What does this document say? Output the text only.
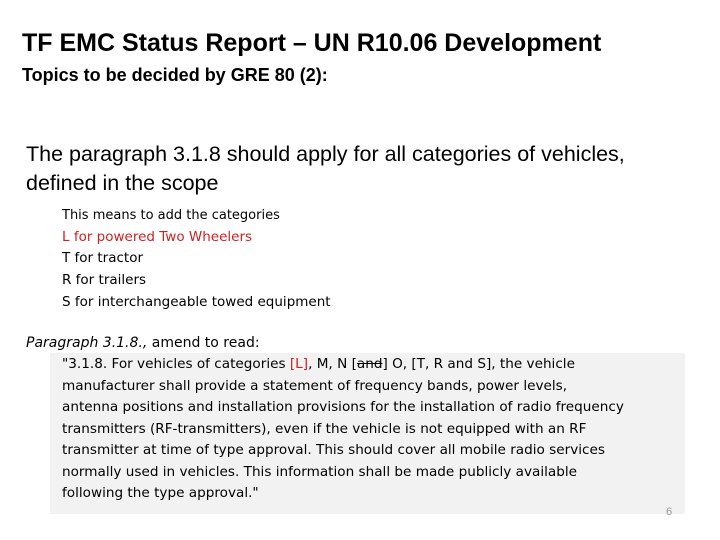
TF EMC Status Report – UN R10.06 Development
Topics to be decided by GRE 80 (2):
The paragraph 3.1.8 should apply for all categories of vehicles, defined in the scope
This means to add the categories
L for powered Two Wheelers
T for tractor
R for trailers
S for interchangeable towed equipment
Paragraph 3.1.8., amend to read:
"3.1.8. For vehicles of categories [L], M, N [and] O, [T, R and S], the vehicle
manufacturer shall provide a statement of frequency bands, power levels,
antenna positions and installation provisions for the installation of radio frequency
transmitters (RF-transmitters), even if the vehicle is not equipped with an RF
transmitter at time of type approval. This should cover all mobile radio services
normally used in vehicles. This information shall be made publicly available
following the type approval."
6
